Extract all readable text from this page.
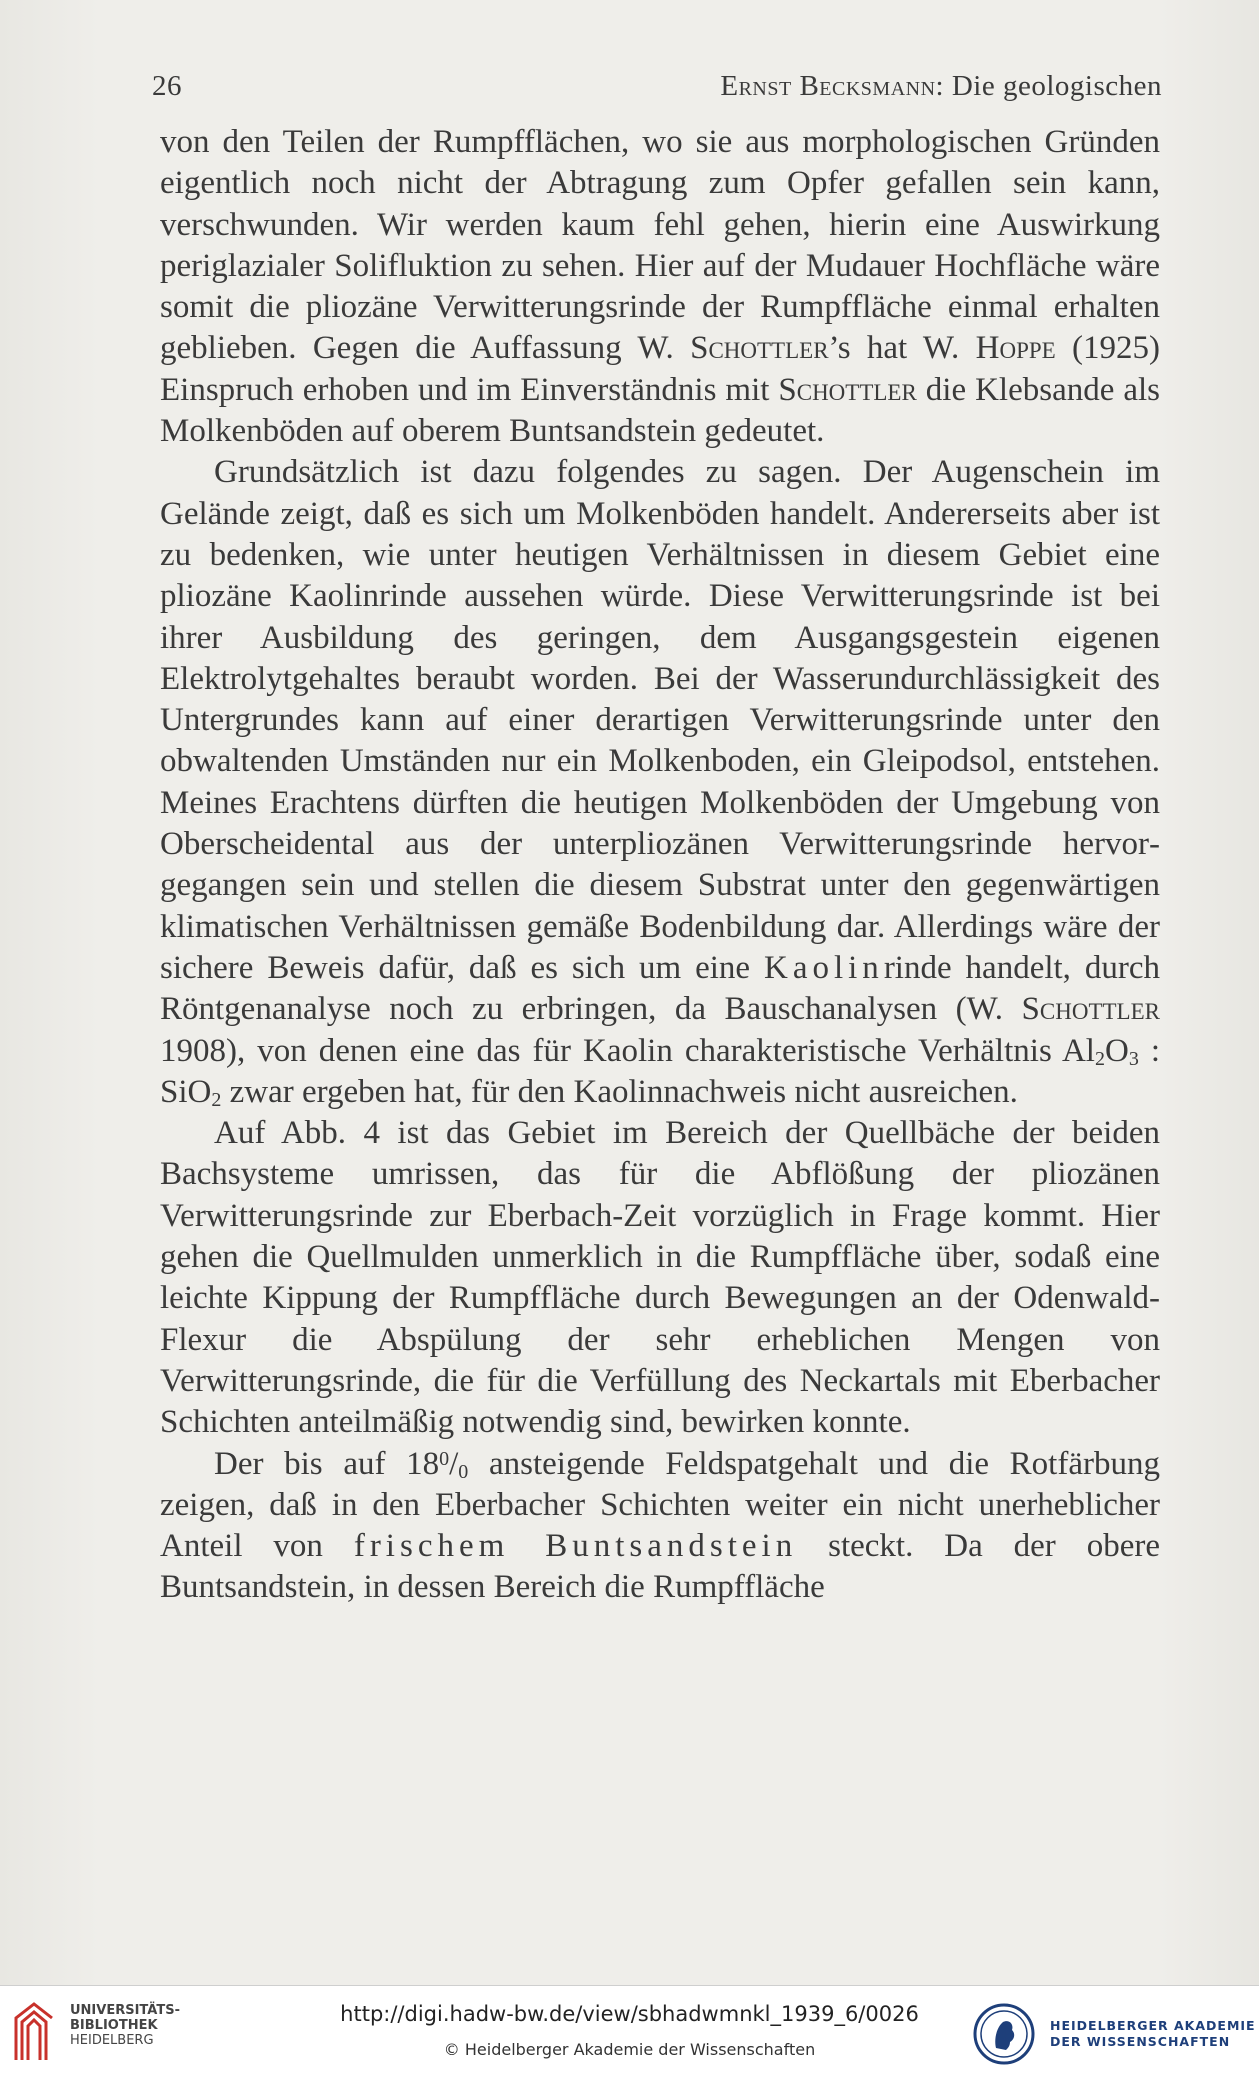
26	Ernst Becksmann: Die geologischen

von den Teilen der Rumpfflächen, wo sie aus morphologischen Gründen eigentlich noch nicht der Abtragung zum Opfer gefallen sein kann, verschwunden. Wir werden kaum fehl gehen, hierin eine Auswirkung periglazialer Solifluktion zu sehen. Hier auf der Mudauer Hochfläche wäre somit die pliozäne Verwitterungsrinde der Rumpffläche einmal erhalten geblieben. Gegen die Auffassung W. Schottler’s hat W. Hoppe (1925) Einspruch erhoben und im Einverständnis mit Schottler die Klebsande als Molkenböden auf oberem Buntsandstein gedeutet.

Grundsätzlich ist dazu folgendes zu sagen. Der Augenschein im Gelände zeigt, daß es sich um Molkenböden handelt. Andererseits aber ist zu bedenken, wie unter heutigen Verhältnissen in diesem Gebiet eine pliozäne Kaolinrinde aussehen würde. Diese Verwitterungsrinde ist bei ihrer Ausbildung des geringen, dem Ausgangsgestein eigenen Elektrolytgehaltes beraubt worden. Bei der Wasserundurchlässigkeit des Untergrundes kann auf einer derartigen Verwitterungsrinde unter den obwaltenden Umständen nur ein Molkenboden, ein Gleipodsol, entstehen. Meines Erachtens dürften die heutigen Molkenböden der Umgebung von Oberscheidental aus der unterpliozänen Verwitterungsrinde hervorgegangen sein und stellen die diesem Substrat unter den gegenwärtigen klimatischen Verhältnissen gemäße Bodenbildung dar. Allerdings wäre der sichere Beweis dafür, daß es sich um eine Kaolinrinde handelt, durch Röntgenanalyse noch zu erbringen, da Bauschanalysen (W. Schottler 1908), von denen eine das für Kaolin charakteristische Verhältnis $Al_2O_3$ : SiO$_2$ zwar ergeben hat, für den Kaolinnachweis nicht ausreichen.

Auf Abb. 4 ist das Gebiet im Bereich der Quellbäche der beiden Bachsysteme umrissen, das für die Abflößung der pliozänen Verwitterungsrinde zur Eberbach-Zeit vorzüglich in Frage kommt. Hier gehen die Quellmulden unmerklich in die Rumpffläche über, sodaß eine leichte Kippung der Rumpffläche durch Bewegungen an der Odenwald-Flexur die Abspülung der sehr erheblichen Mengen von Verwitterungsrinde, die für die Verfüllung des Neckartals mit Eberbacher Schichten anteilmäßig notwendig sind, bewirken konnte.

Der bis auf $18^0/_0$ ansteigende Feldspatgehalt und die Rotfärbung zeigen, daß in den Eberbacher Schichten weiter ein nicht unerheblicher Anteil von frischem Buntsandstein steckt. Da der obere Buntsandstein, in dessen Bereich die Rumpffläche

UNIVERSITÄTS-
BIBLIOTHEK
HEIDELBERG
http://digi.hadw-bw.de/view/sbhadwmnkl_1939_6/0026
© Heidelberger Akademie der Wissenschaften
HEIDELBERGER AKADEMIE
DER WISSENSCHAFTEN
